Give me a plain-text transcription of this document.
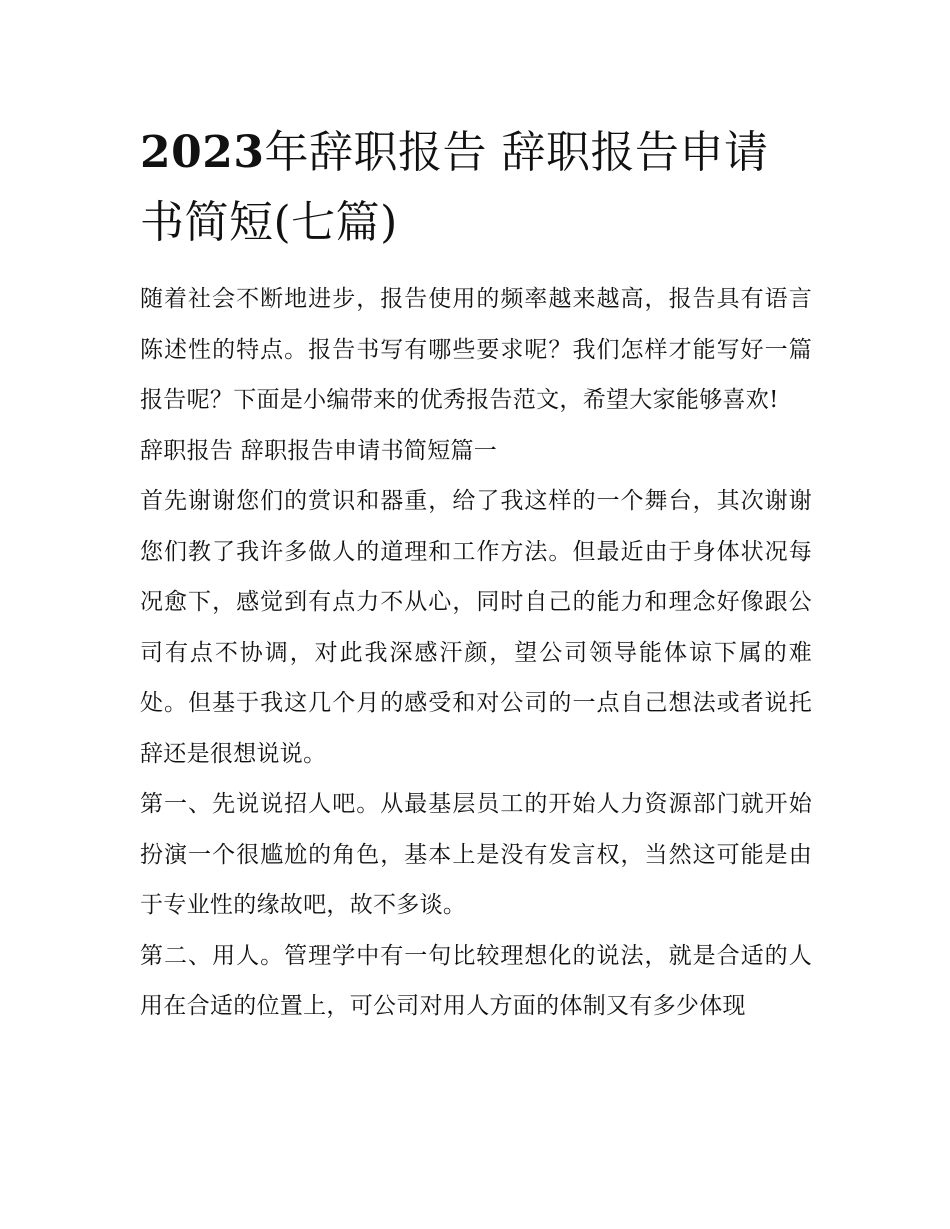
2023年辞职报告 辞职报告申请书简短(七篇)

随着社会不断地进步，报告使用的频率越来越高，报告具有语言陈述性的特点。报告书写有哪些要求呢？我们怎样才能写好一篇报告呢？下面是小编带来的优秀报告范文，希望大家能够喜欢!

辞职报告 辞职报告申请书简短篇一

首先谢谢您们的赏识和器重，给了我这样的一个舞台，其次谢谢您们教了我许多做人的道理和工作方法。但最近由于身体状况每况愈下，感觉到有点力不从心，同时自己的能力和理念好像跟公司有点不协调，对此我深感汗颜，望公司领导能体谅下属的难处。但基于我这几个月的感受和对公司的一点自己想法或者说托辞还是很想说说。

第一、先说说招人吧。从最基层员工的开始人力资源部门就开始扮演一个很尴尬的角色，基本上是没有发言权，当然这可能是由于专业性的缘故吧，故不多谈。

第二、用人。管理学中有一句比较理想化的说法，就是合适的人用在合适的位置上，可公司对用人方面的体制又有多少体现
